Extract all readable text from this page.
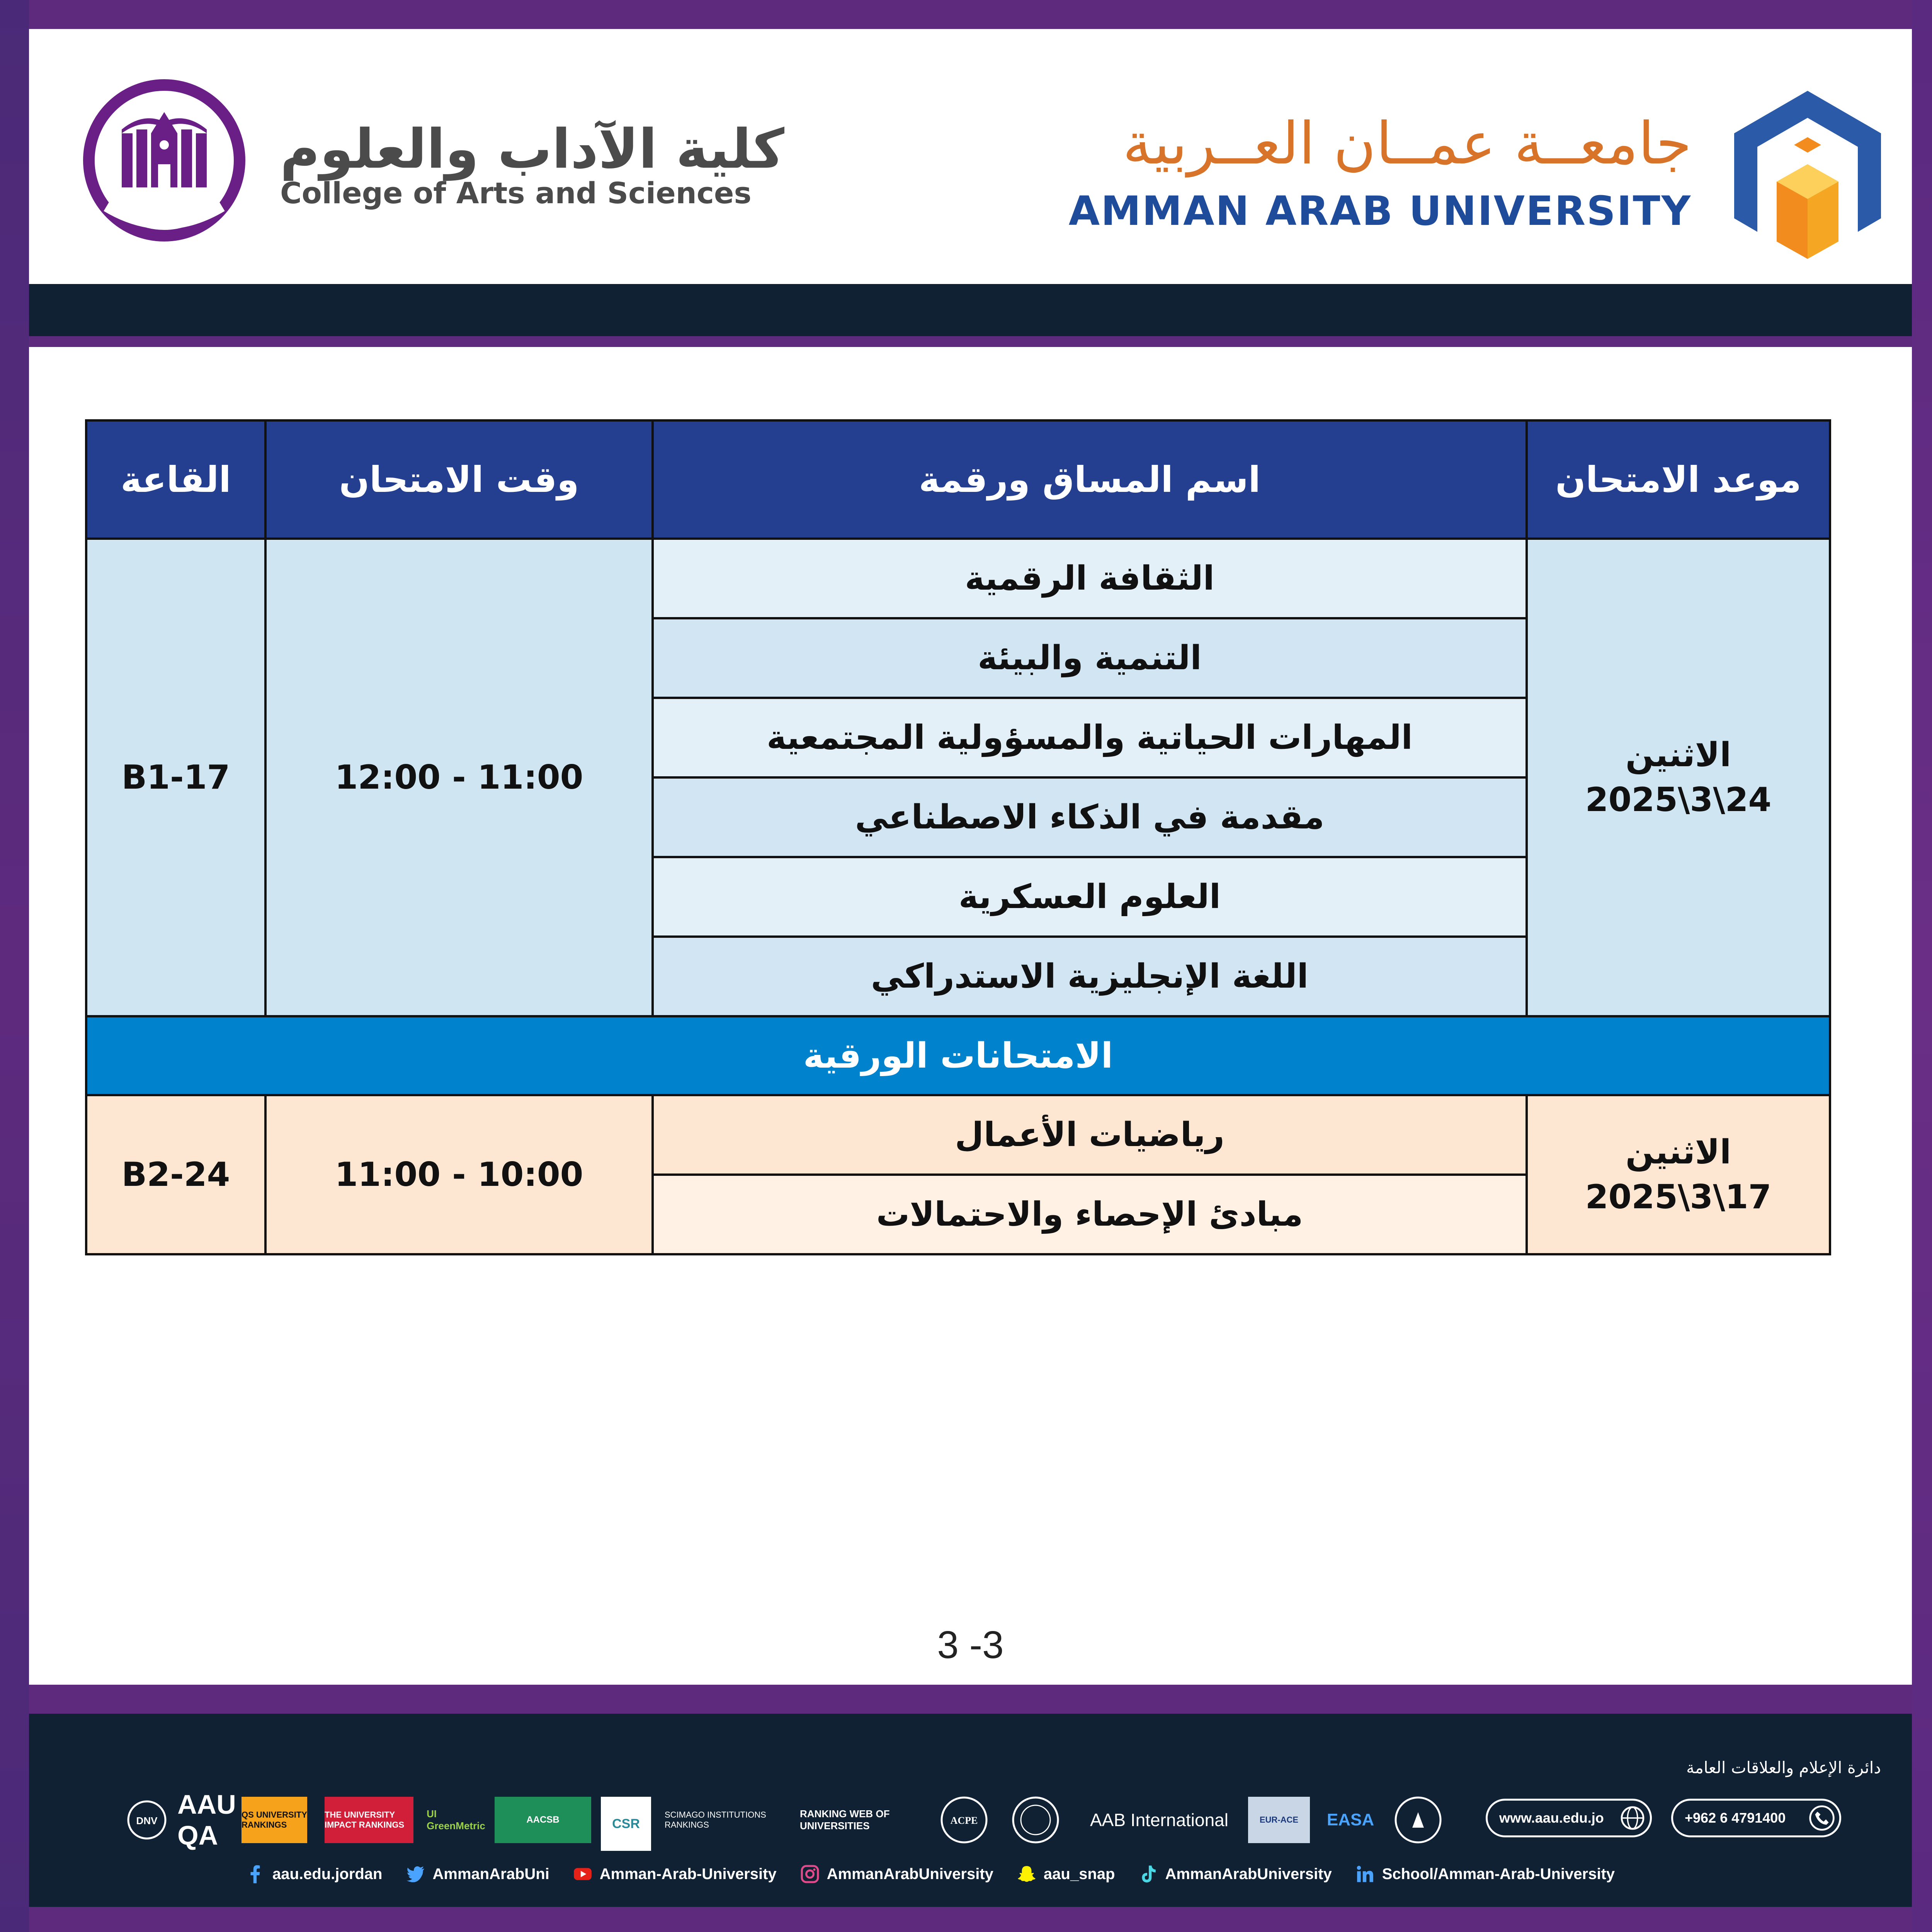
كلية الآداب والعلوم
College of Arts and Sciences
جامعــة عمــان العــربية
AMMAN ARAB UNIVERSITY
موعد الامتحان	اسم المساق ورقمة	وقت الامتحان	القاعة

الاثنين
2025\3\24	الثقافة الرقمية	12:00 - 11:00	B1-17
	التنمية والبيئة		
	المهارات الحياتية والمسؤولية المجتمعية		
	مقدمة في الذكاء الاصطناعي		
	العلوم العسكرية		
	اللغة الإنجليزية الاستدراكي		
الامتحانات الورقية			

الاثنين
2025\3\17	رياضيات الأعمال	11:00 - 10:00	B2-24
	مبادئ الإحصاء والاحتمالات		
3 -3
دائرة الإعلام والعلاقات العامة
DNV
AAU QA
QS UNIVERSITY RANKINGS
THE UNIVERSITY IMPACT RANKINGS
UI GreenMetric
AACSB	CSR
SCIMAGO INSTITUTIONS RANKINGS
RANKING WEB OF UNIVERSITIES	ACPE	AAB International	EUR-ACE	EASA	www.aau.edu.jo	+962 6 4791400
aau.edu.jordan	AmmanArabUni	Amman-Arab-University	AmmanArabUniversity	aau_snap	AmmanArabUniversity	School/Amman-Arab-University
